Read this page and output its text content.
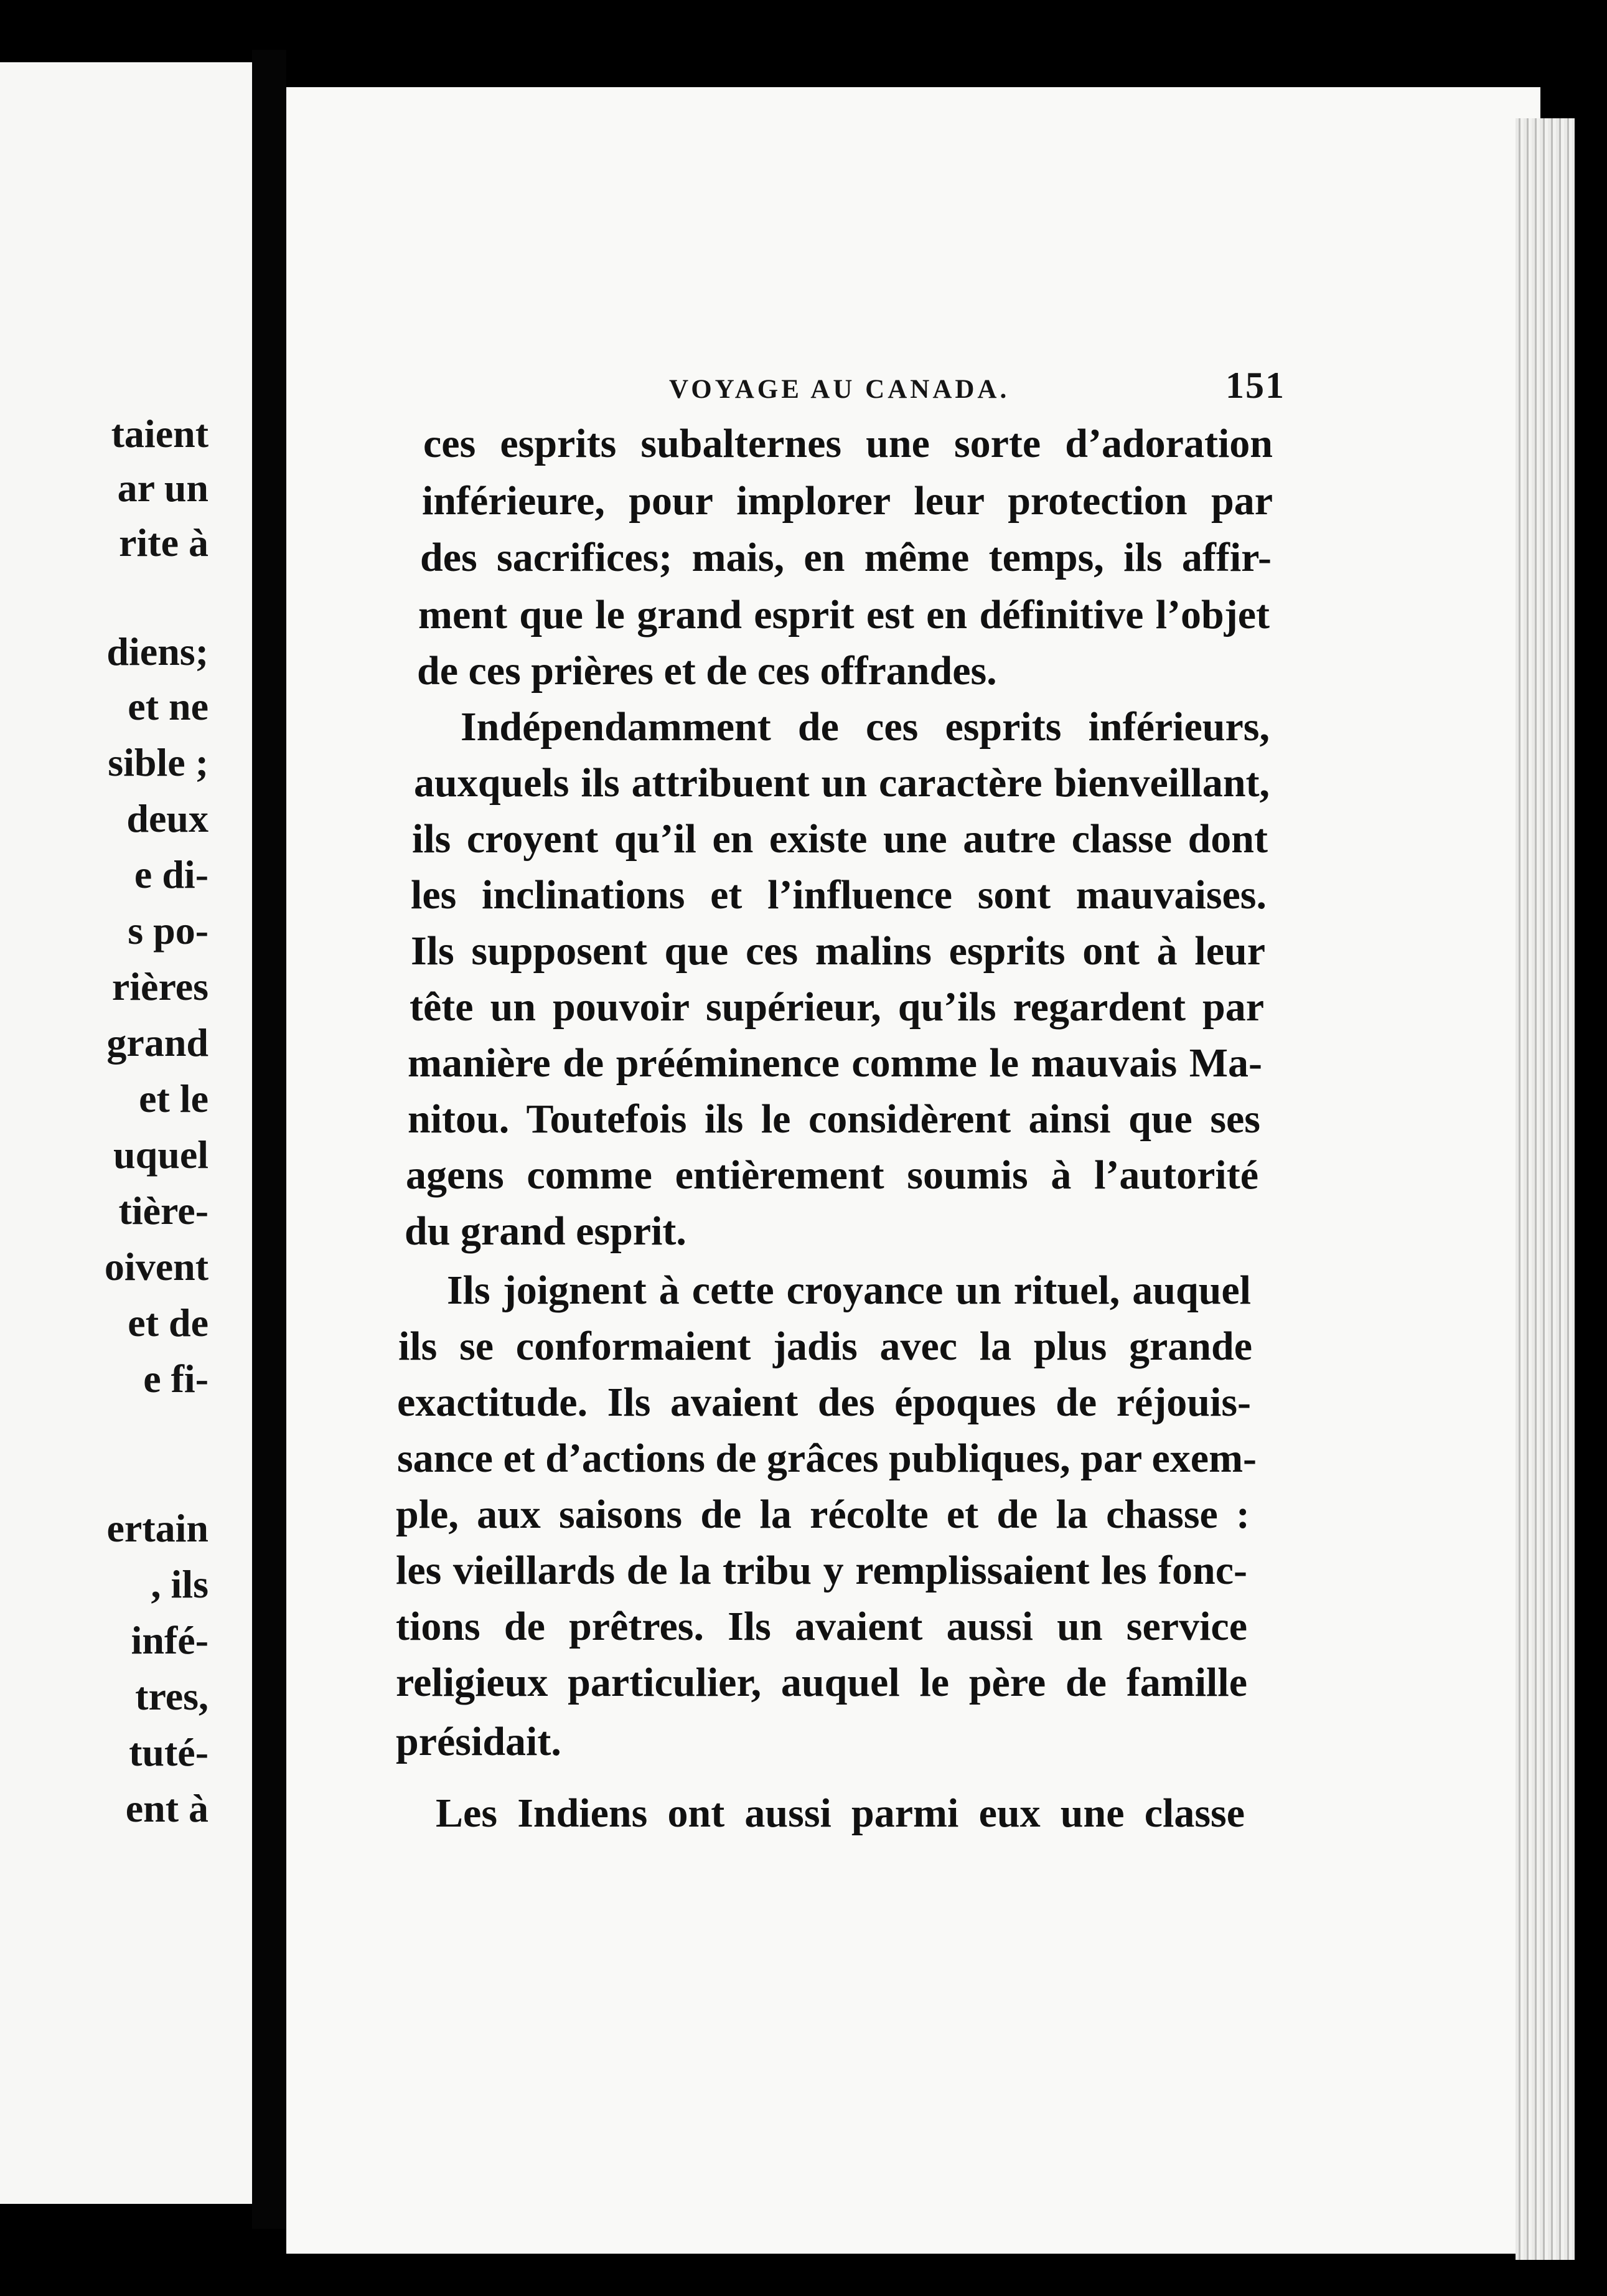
taient
ar un
rite à
diens;
et ne
sible ;
deux
e di-
s po-
rières
grand
et le
uquel
tière-
oivent
et de
e fi-
ertain
, ils
infé-
tres,
tuté-
ent à
VOYAGE AU CANADA.	151
ces esprits subalternes une sorte d’adoration
inférieure, pour implorer leur protection par
des sacrifices; mais, en même temps, ils affir-
ment que le grand esprit est en définitive l’objet
de ces prières et de ces offrandes.
Indépendamment de ces esprits inférieurs,
auxquels ils attribuent un caractère bienveillant,
ils croyent qu’il en existe une autre classe dont
les inclinations et l’influence sont mauvaises.
Ils supposent que ces malins esprits ont à leur
tête un pouvoir supérieur, qu’ils regardent par
manière de prééminence comme le mauvais Ma-
nitou. Toutefois ils le considèrent ainsi que ses
agens comme entièrement soumis à l’autorité
du grand esprit.
Ils joignent à cette croyance un rituel, auquel
ils se conformaient jadis avec la plus grande
exactitude. Ils avaient des époques de réjouis-
sance et d’actions de grâces publiques, par exem-
ple, aux saisons de la récolte et de la chasse :
les vieillards de la tribu y remplissaient les fonc-
tions de prêtres. Ils avaient aussi un service
religieux particulier, auquel le père de famille
présidait.
Les Indiens ont aussi parmi eux une classe
